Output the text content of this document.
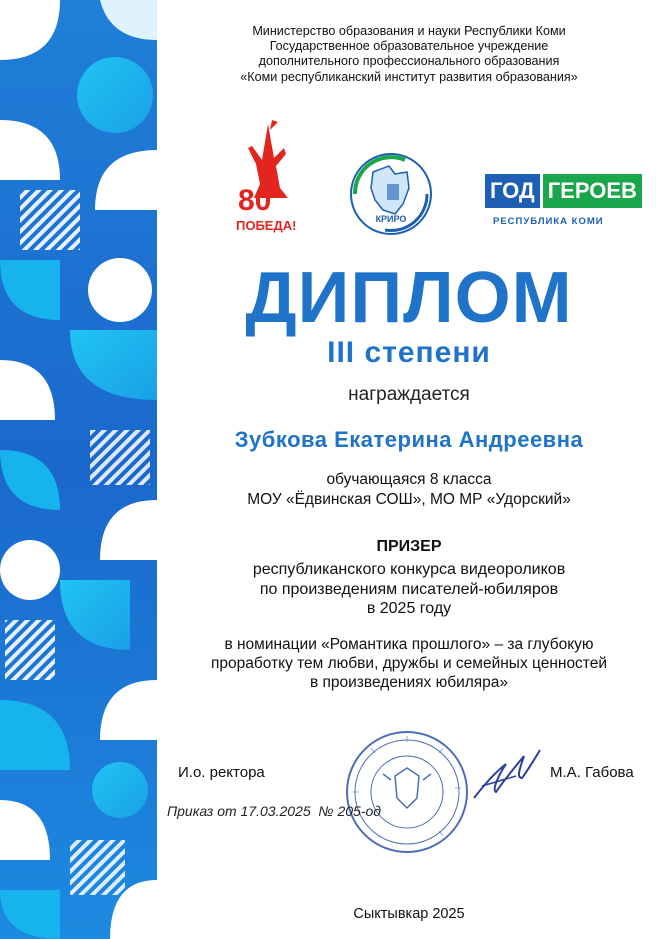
Министерство образования и науки Республики Коми
Государственное образовательное учреждение
дополнительного профессионального образования
«Коми республиканский институт развития образования»
80
ПОБЕДА!	КРИРО
ГОД ГЕРОЕВ
РЕСПУБЛИКА КОМИ
ДИПЛОМ
III степени
награждается
Зубкова Екатерина Андреевна
обучающаяся 8 класса
МОУ «Ёдвинская СОШ», МО МР «Удорский»
ПРИЗЕР
республиканского конкурса видеороликов
по произведениям писателей-юбиляров
в 2025 году
в номинации «Романтика прошлого» – за глубокую
проработку тем любви, дружбы и семейных ценностей
в произведениях юбиляра»
И.о. ректора	М.А. Габова
Приказ от 17.03.2025  № 205-од
Сыктывкар 2025
